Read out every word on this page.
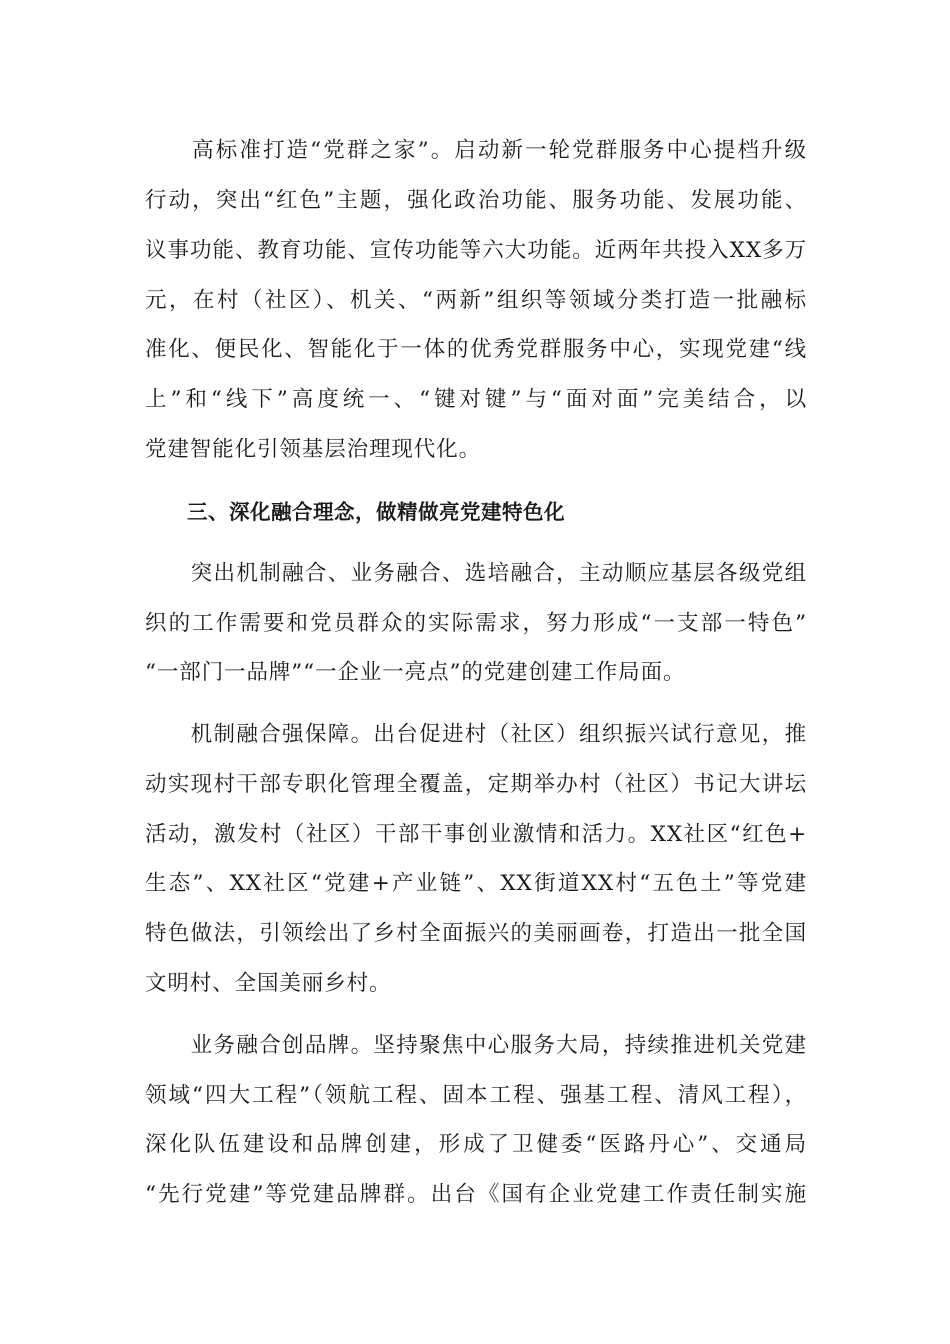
　　高标准打造“党群之家”。启动新一轮党群服务中心提档升级
行动，突出“红色”主题，强化政治功能、服务功能、发展功能、
议事功能、教育功能、宣传功能等六大功能。近两年共投入XX多万
元，在村（社区）、机关、“两新”组织等领域分类打造一批融标
准化、便民化、智能化于一体的优秀党群服务中心，实现党建“线
上”和“线下”高度统一、“键对键”与“面对面”完美结合，以
党建智能化引领基层治理现代化。
　　三、深化融合理念，做精做亮党建特色化
　　突出机制融合、业务融合、选培融合，主动顺应基层各级党组
织的工作需要和党员群众的实际需求，努力形成“一支部一特色”
“一部门一品牌”“一企业一亮点”的党建创建工作局面。
　　机制融合强保障。出台促进村（社区）组织振兴试行意见，推
动实现村干部专职化管理全覆盖，定期举办村（社区）书记大讲坛
活动，激发村（社区）干部干事创业激情和活力。XX社区“红色+
生态”、XX社区“党建+产业链”、XX街道XX村“五色土”等党建
特色做法，引领绘出了乡村全面振兴的美丽画卷，打造出一批全国
文明村、全国美丽乡村。
　　业务融合创品牌。坚持聚焦中心服务大局，持续推进机关党建
领域“四大工程”（领航工程、固本工程、强基工程、清风工程），
深化队伍建设和品牌创建，形成了卫健委“医路丹心”、交通局
“先行党建”等党建品牌群。出台《国有企业党建工作责任制实施
